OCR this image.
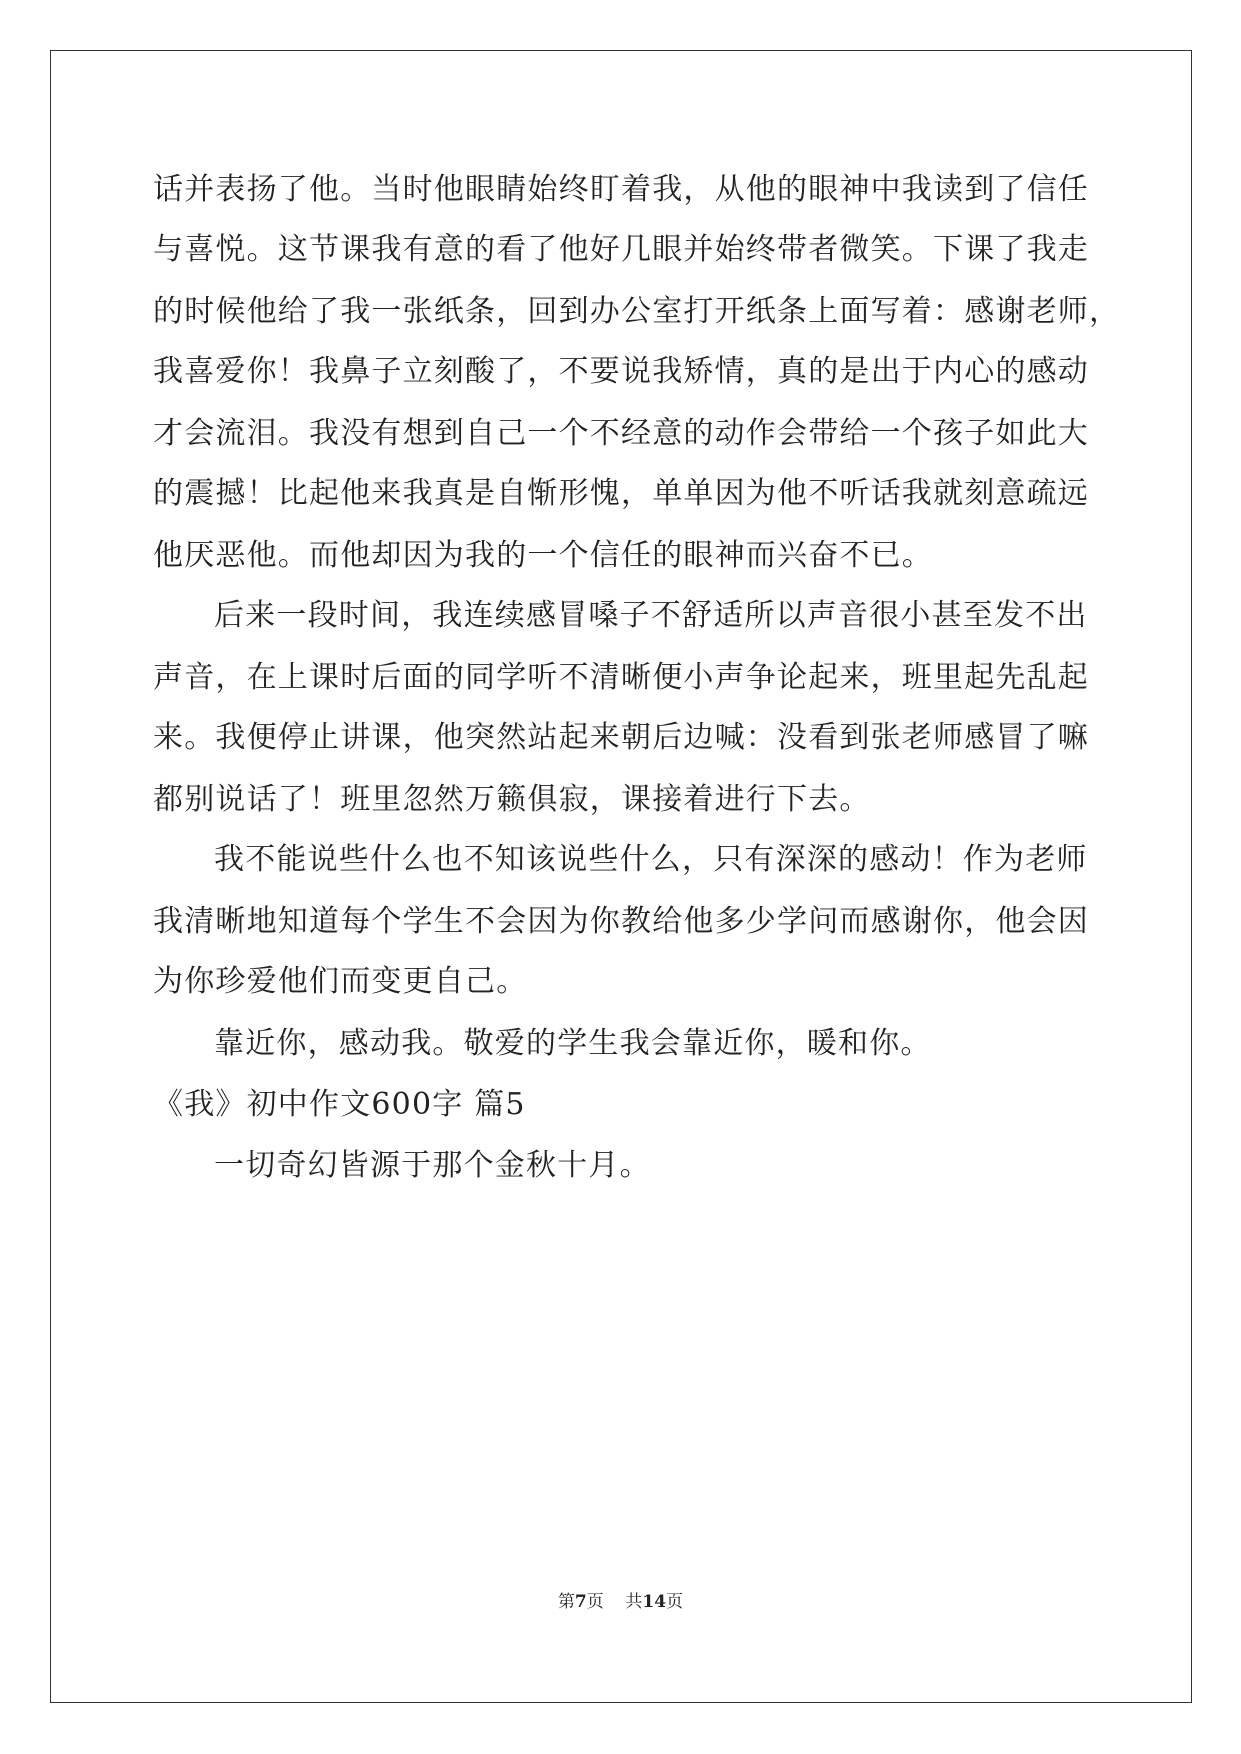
话并表扬了他。当时他眼睛始终盯着我，从他的眼神中我读到了信任
与喜悦。这节课我有意的看了他好几眼并始终带者微笑。下课了我走
的时候他给了我一张纸条，回到办公室打开纸条上面写着：感谢老师，
我喜爱你！我鼻子立刻酸了，不要说我矫情，真的是出于内心的感动
才会流泪。我没有想到自己一个不经意的动作会带给一个孩子如此大
的震撼！比起他来我真是自惭形愧，单单因为他不听话我就刻意疏远
他厌恶他。而他却因为我的一个信任的眼神而兴奋不已。
后来一段时间，我连续感冒嗓子不舒适所以声音很小甚至发不出
声音，在上课时后面的同学听不清晰便小声争论起来，班里起先乱起
来。我便停止讲课，他突然站起来朝后边喊：没看到张老师感冒了嘛
都别说话了！班里忽然万籁俱寂，课接着进行下去。
我不能说些什么也不知该说些什么，只有深深的感动！作为老师
我清晰地知道每个学生不会因为你教给他多少学问而感谢你，他会因
为你珍爱他们而变更自己。
靠近你，感动我。敬爱的学生我会靠近你，暖和你。
《我》初中作文600字 篇5
一切奇幻皆源于那个金秋十月。
第7页 共14页
